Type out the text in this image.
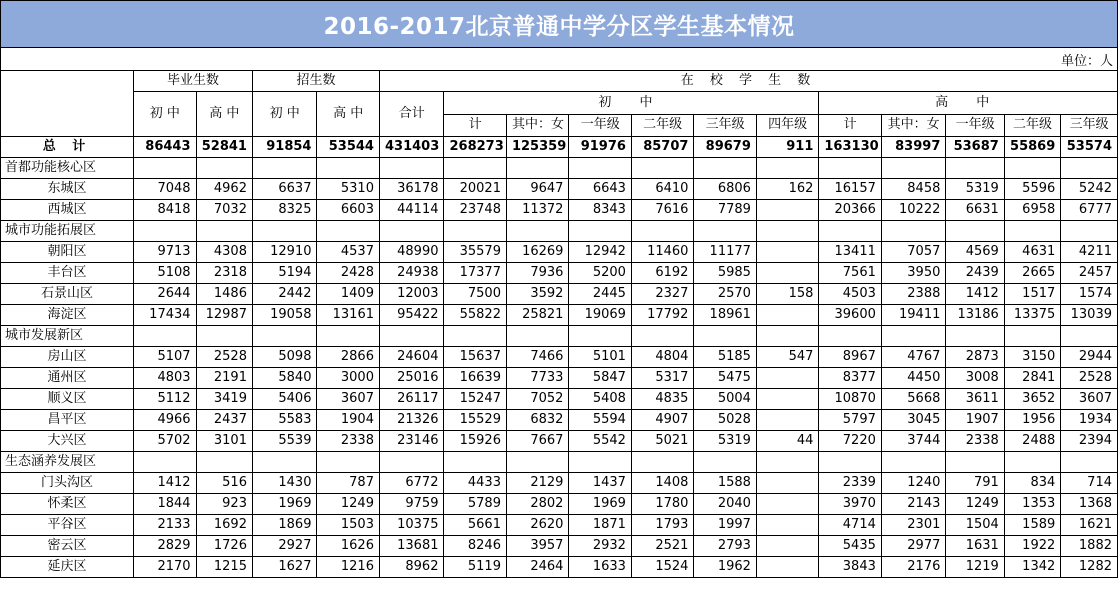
2016-2017北京普通中学分区学生基本情况
单位：人
	毕业生数		招生数		在 校 学 生 数											
	初 中	高 中	初 中	高 中	合计	初 中						高 中				
						计	其中：女	一年级	二年级	三年级	四年级	计	其中：女	一年级	二年级	三年级
总 计	86443	52841	91854	53544	431403	268273	125359	91976	85707	89679	911	163130	83997	53687	55869	53574
首都功能核心区																
东城区	7048	4962	6637	5310	36178	20021	9647	6643	6410	6806	162	16157	8458	5319	5596	5242
西城区	8418	7032	8325	6603	44114	23748	11372	8343	7616	7789		20366	10222	6631	6958	6777
城市功能拓展区																
朝阳区	9713	4308	12910	4537	48990	35579	16269	12942	11460	11177		13411	7057	4569	4631	4211
丰台区	5108	2318	5194	2428	24938	17377	7936	5200	6192	5985		7561	3950	2439	2665	2457
石景山区	2644	1486	2442	1409	12003	7500	3592	2445	2327	2570	158	4503	2388	1412	1517	1574
海淀区	17434	12987	19058	13161	95422	55822	25821	19069	17792	18961		39600	19411	13186	13375	13039
城市发展新区																
房山区	5107	2528	5098	2866	24604	15637	7466	5101	4804	5185	547	8967	4767	2873	3150	2944
通州区	4803	2191	5840	3000	25016	16639	7733	5847	5317	5475		8377	4450	3008	2841	2528
顺义区	5112	3419	5406	3607	26117	15247	7052	5408	4835	5004		10870	5668	3611	3652	3607
昌平区	4966	2437	5583	1904	21326	15529	6832	5594	4907	5028		5797	3045	1907	1956	1934
大兴区	5702	3101	5539	2338	23146	15926	7667	5542	5021	5319	44	7220	3744	2338	2488	2394
生态涵养发展区																
门头沟区	1412	516	1430	787	6772	4433	2129	1437	1408	1588		2339	1240	791	834	714
怀柔区	1844	923	1969	1249	9759	5789	2802	1969	1780	2040		3970	2143	1249	1353	1368
平谷区	2133	1692	1869	1503	10375	5661	2620	1871	1793	1997		4714	2301	1504	1589	1621
密云区	2829	1726	2927	1626	13681	8246	3957	2932	2521	2793		5435	2977	1631	1922	1882
延庆区	2170	1215	1627	1216	8962	5119	2464	1633	1524	1962		3843	2176	1219	1342	1282
